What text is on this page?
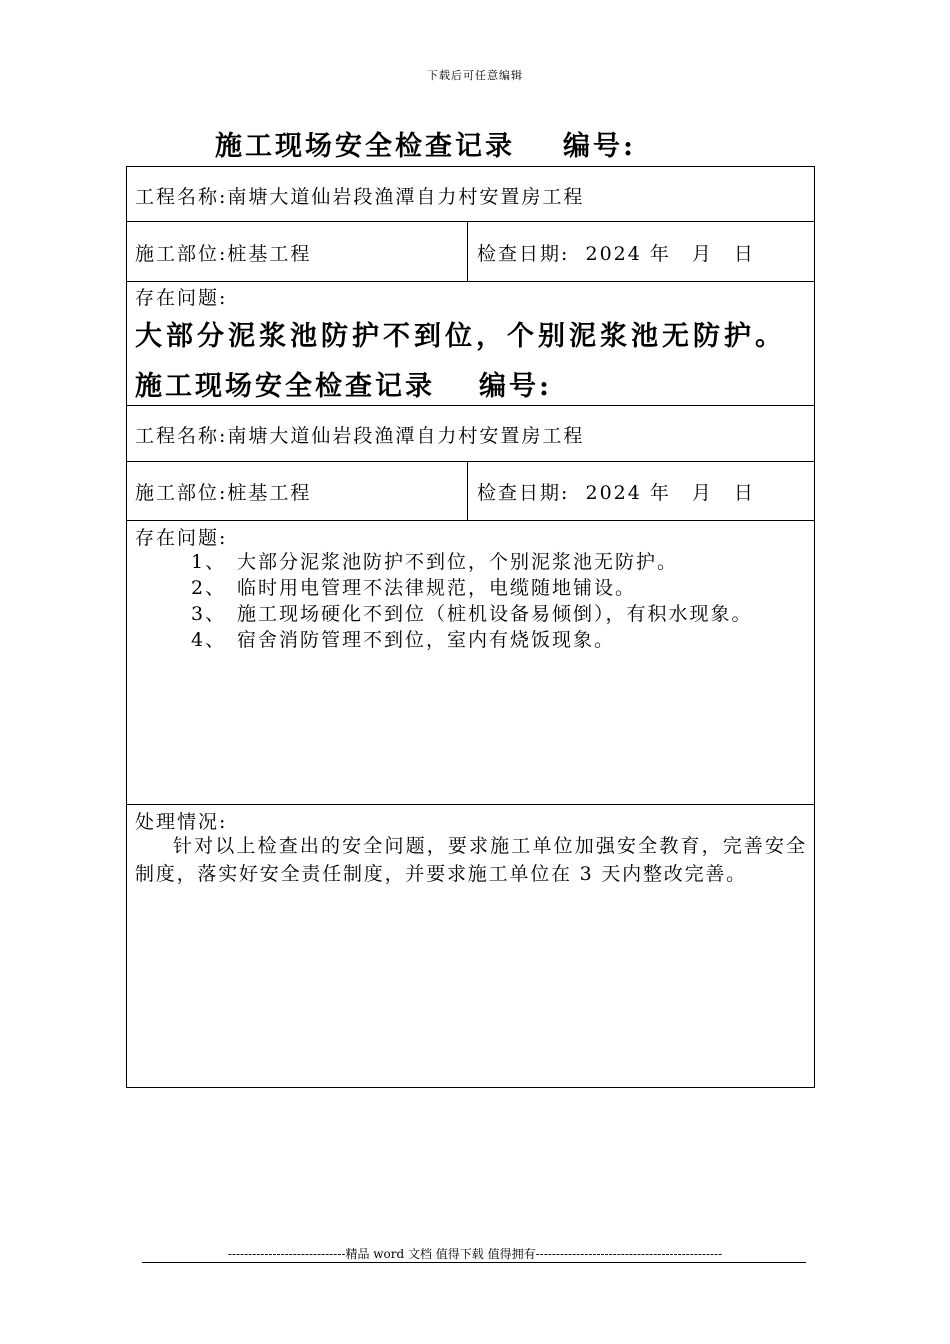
下载后可任意编辑
施工现场安全检查记录 编号:
工程名称:南塘大道仙岩段渔潭自力村安置房工程
施工部位:桩基工程	检查日期: 2024 年　月　日
存在问题:
大部分泥浆池防护不到位，个别泥浆池无防护。
施工现场安全检查记录 编号:
工程名称:南塘大道仙岩段渔潭自力村安置房工程
施工部位:桩基工程	检查日期: 2024 年　月　日
存在问题:
1、 大部分泥浆池防护不到位，个别泥浆池无防护。
2、 临时用电管理不法律规范，电缆随地铺设。
3、 施工现场硬化不到位（桩机设备易倾倒），有积水现象。
4、 宿舍消防管理不到位，室内有烧饭现象。
处理情况:
针对以上检查出的安全问题，要求施工单位加强安全教育，完善安全制度，落实好安全责任制度，并要求施工单位在 3 天内整改完善。
-----------------------------精品 word 文档 值得下载 值得拥有----------------------------------------------
